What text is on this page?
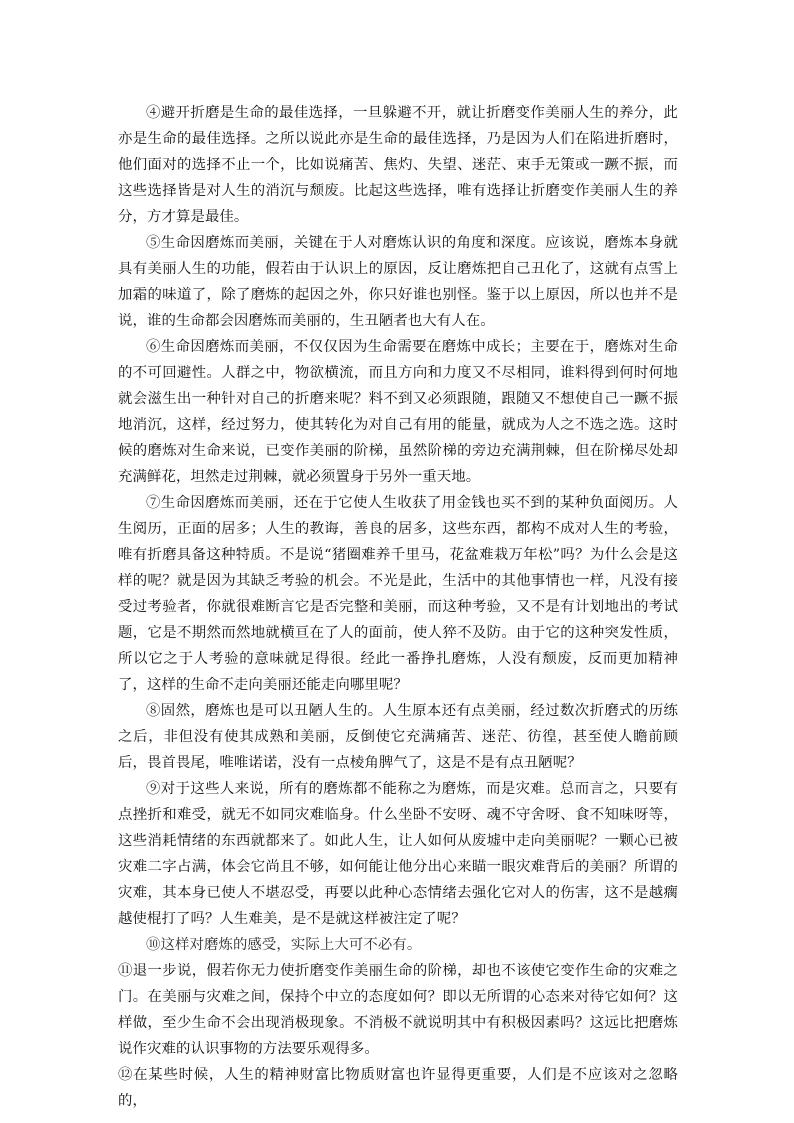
④避开折磨是生命的最佳选择，一旦躲避不开，就让折磨变作美丽人生的养分，此亦是生命的最佳选择。之所以说此亦是生命的最佳选择，乃是因为人们在陷进折磨时，他们面对的选择不止一个，比如说痛苦、焦灼、失望、迷茫、束手无策或一蹶不振，而这些选择皆是对人生的消沉与颓废。比起这些选择，唯有选择让折磨变作美丽人生的养分，方才算是最佳。

⑤生命因磨炼而美丽，关键在于人对磨炼认识的角度和深度。应该说，磨炼本身就具有美丽人生的功能，假若由于认识上的原因，反让磨炼把自己丑化了，这就有点雪上加霜的味道了，除了磨炼的起因之外，你只好谁也别怪。鉴于以上原因，所以也并不是说，谁的生命都会因磨炼而美丽的，生丑陋者也大有人在。

⑥生命因磨炼而美丽，不仅仅因为生命需要在磨炼中成长；主要在于，磨炼对生命的不可回避性。人群之中，物欲横流，而且方向和力度又不尽相同，谁料得到何时何地就会滋生出一种针对自己的折磨来呢？料不到又必须跟随，跟随又不想使自己一蹶不振地消沉，这样，经过努力，使其转化为对自己有用的能量，就成为人之不选之选。这时候的磨炼对生命来说，已变作美丽的阶梯，虽然阶梯的旁边充满荆棘，但在阶梯尽处却充满鲜花，坦然走过荆棘，就必须置身于另外一重天地。

⑦生命因磨炼而美丽，还在于它使人生收获了用金钱也买不到的某种负面阅历。人生阅历，正面的居多；人生的教诲，善良的居多，这些东西，都构不成对人生的考验，唯有折磨具备这种特质。不是说“猪圈难养千里马，花盆难栽万年松”吗？为什么会是这样的呢？就是因为其缺乏考验的机会。不光是此，生活中的其他事情也一样，凡没有接受过考验者，你就很难断言它是否完整和美丽，而这种考验，又不是有计划地出的考试题，它是不期然而然地就横亘在了人的面前，使人猝不及防。由于它的这种突发性质，所以它之于人考验的意味就足得很。经此一番挣扎磨炼，人没有颓废，反而更加精神了，这样的生命不走向美丽还能走向哪里呢？

⑧固然，磨炼也是可以丑陋人生的。人生原本还有点美丽，经过数次折磨式的历练之后，非但没有使其成熟和美丽，反倒使它充满痛苦、迷茫、彷徨，甚至使人瞻前顾后，畏首畏尾，唯唯诺诺，没有一点棱角脾气了，这是不是有点丑陋呢？

⑨对于这些人来说，所有的磨炼都不能称之为磨炼，而是灾难。总而言之，只要有点挫折和难受，就无不如同灾难临身。什么坐卧不安呀、魂不守舍呀、食不知味呀等，这些消耗情绪的东西就都来了。如此人生，让人如何从废墟中走向美丽呢？一颗心已被灾难二字占满，体会它尚且不够，如何能让他分出心来瞄一眼灾难背后的美丽？所谓的灾难，其本身已使人不堪忍受，再要以此种心态情绪去强化它对人的伤害，这不是越瘸越使棍打了吗？人生难美，是不是就这样被注定了呢？

⑩这样对磨炼的感受，实际上大可不必有。

⑪退一步说，假若你无力使折磨变作美丽生命的阶梯，却也不该使它变作生命的灾难之门。在美丽与灾难之间，保持个中立的态度如何？即以无所谓的心态来对待它如何？这样做，至少生命不会出现消极现象。不消极不就说明其中有积极因素吗？这远比把磨炼说作灾难的认识事物的方法要乐观得多。

⑫在某些时候，人生的精神财富比物质财富也许显得更重要，人们是不应该对之忽略的，
